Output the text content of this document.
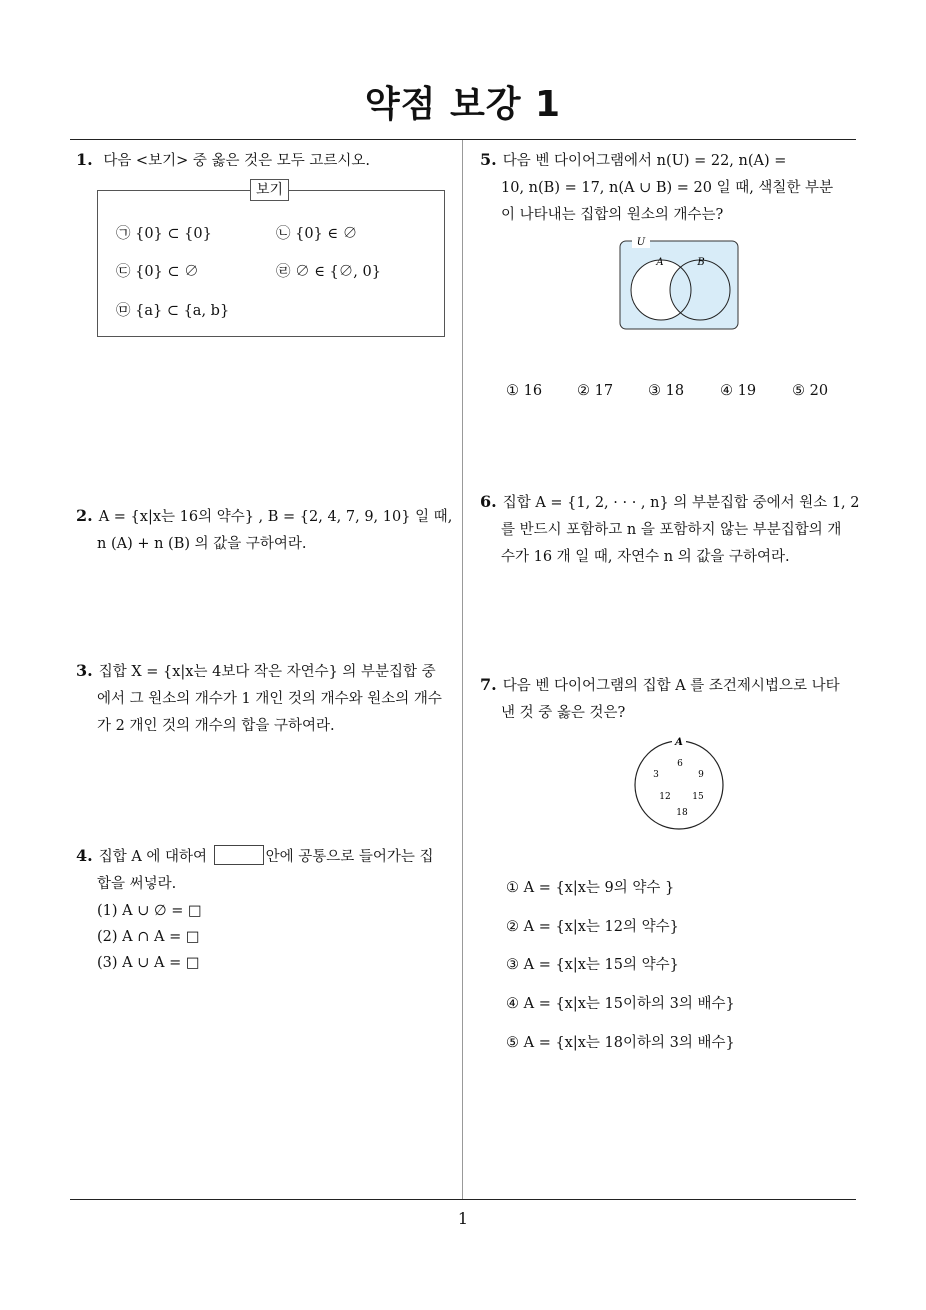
약점 보강 1
1
1. 다음 <보기> 중 옳은 것은 모두 고르시오.
보기
㉠ {0} ⊂ {0}	㉡ {0} ∈ ∅
㉢ {0} ⊂ ∅	㉣ ∅ ∈ {∅, 0}
㉤ {a} ⊂ {a, b}
2. A = {x|x는 16의 약수} , B = {2, 4, 7, 9, 10} 일 때,
n (A) + n (B) 의 값을 구하여라.
3. 집합 X = {x|x는 4보다 작은 자연수} 의 부분집합 중
에서 그 원소의 개수가 1 개인 것의 개수와 원소의 개수
가 2 개인 것의 개수의 합을 구하여라.
4. 집합 A 에 대하여	안에 공통으로 들어가는 집
합을 써넣라.
(1) A ∪ ∅ = □
(2) A ∩ A = □
(3) A ∪ A = □
5. 다음 벤 다이어그램에서 n(U) = 22, n(A) =
10, n(B) = 17, n(A ∪ B) = 20 일 때, 색칠한 부분
이 나타내는 집합의 원소의 개수는?
U
A	B
① 16 ② 17 ③ 18 ④ 19 ⑤ 20
6. 집합 A = {1, 2, · · · , n} 의 부분집합 중에서 원소 1, 2
를 반드시 포함하고 n 을 포함하지 않는 부분집합의 개
수가 16 개 일 때, 자연수 n 의 값을 구하여라.
7. 다음 벤 다이어그램의 집합 A 를 조건제시법으로 나타
낸 것 중 옳은 것은?
A
6
3	9
12 15
18
① A = {x|x는 9의 약수 }
② A = {x|x는 12의 약수}
③ A = {x|x는 15의 약수}
④ A = {x|x는 15이하의 3의 배수}
⑤ A = {x|x는 18이하의 3의 배수}
